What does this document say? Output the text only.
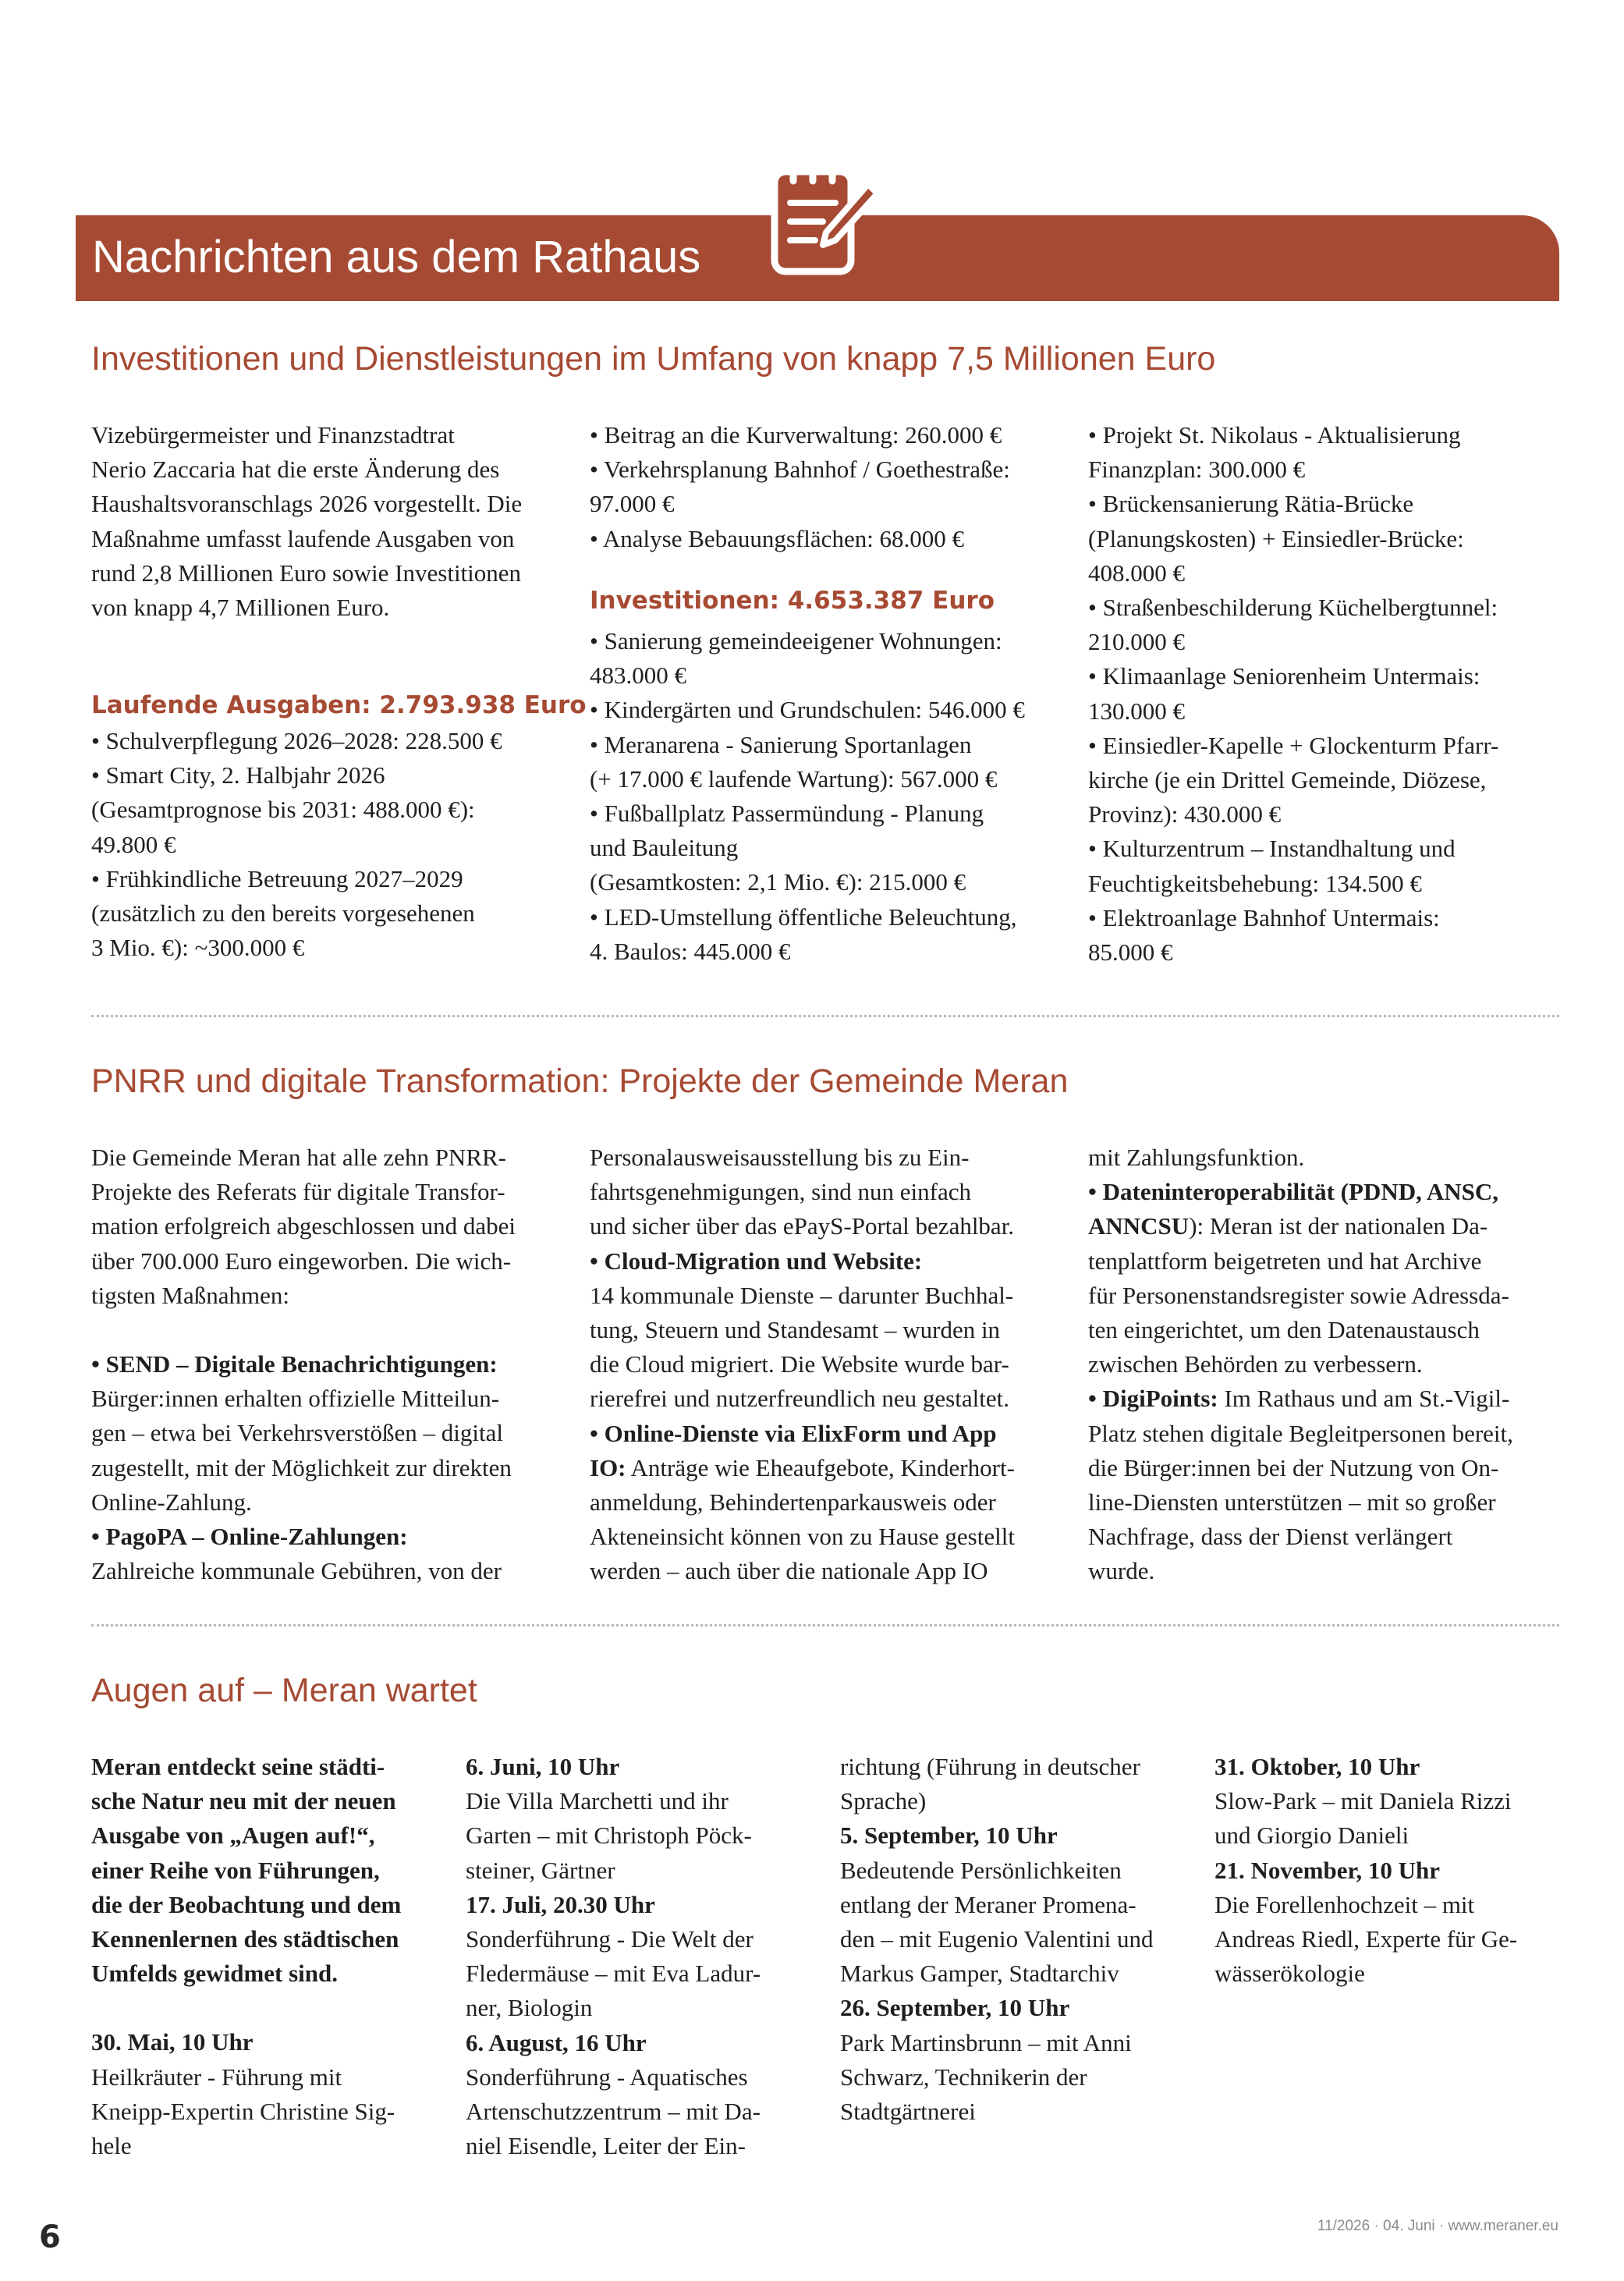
Nachrichten aus dem Rathaus
Investitionen und Dienstleistungen im Umfang von knapp 7,5 Millionen Euro

Vizebürgermeister und Finanzstadtrat

Nerio Zaccaria hat die erste Änderung des

Haushaltsvoranschlags 2026 vorgestellt. Die

Maßnahme umfasst laufende Ausgaben von

rund 2,8 Millionen Euro sowie Investitionen

von knapp 4,7 Millionen Euro.

Laufende Ausgaben: 2.793.938 Euro

• Schulverpflegung 2026–2028: 228.500 €

• Smart City, 2. Halbjahr 2026

(Gesamtprognose bis 2031: 488.000 €):

49.800 €

• Frühkindliche Betreuung 2027–2029

(zusätzlich zu den bereits vorgesehenen

3 Mio. €): ~300.000 €

• Beitrag an die Kurverwaltung: 260.000 €

• Verkehrsplanung Bahnhof / Goethestraße:

97.000 €

• Analyse Bebauungsflächen: 68.000 €

Investitionen: 4.653.387 Euro

• Sanierung gemeindeeigener Wohnungen:

483.000 €

• Kindergärten und Grundschulen: 546.000 €

• Meranarena - Sanierung Sportanlagen

(+ 17.000 € laufende Wartung): 567.000 €

• Fußballplatz Passermündung - Planung

und Bauleitung

(Gesamtkosten: 2,1 Mio. €): 215.000 €

• LED-Umstellung öffentliche Beleuchtung,

4. Baulos: 445.000 €

• Projekt St. Nikolaus - Aktualisierung

Finanzplan: 300.000 €

• Brückensanierung Rätia-Brücke

(Planungskosten) + Einsiedler-Brücke:

408.000 €

• Straßenbeschilderung Küchelbergtunnel:

210.000 €

• Klimaanlage Seniorenheim Untermais:

130.000 €

• Einsiedler-Kapelle + Glockenturm Pfarr-

kirche (je ein Drittel Gemeinde, Diözese,

Provinz): 430.000 €

• Kulturzentrum – Instandhaltung und

Feuchtigkeitsbehebung: 134.500 €

• Elektroanlage Bahnhof Untermais:

85.000 €

PNRR und digitale Transformation: Projekte der Gemeinde Meran

Die Gemeinde Meran hat alle zehn PNRR-

Projekte des Referats für digitale Transfor-

mation erfolgreich abgeschlossen und dabei

über 700.000 Euro eingeworben. Die wich-

tigsten Maßnahmen:

• SEND – Digitale Benachrichtigungen:

Bürger:innen erhalten offizielle Mitteilun-

gen – etwa bei Verkehrsverstößen – digital

zugestellt, mit der Möglichkeit zur direkten

Online-Zahlung.

• PagoPA – Online-Zahlungen:

Zahlreiche kommunale Gebühren, von der

Personalausweisausstellung bis zu Ein-

fahrtsgenehmigungen, sind nun einfach

und sicher über das ePayS-Portal bezahlbar.

• Cloud-Migration und Website:

14 kommunale Dienste – darunter Buchhal-

tung, Steuern und Standesamt – wurden in

die Cloud migriert. Die Website wurde bar-

rierefrei und nutzerfreundlich neu gestaltet.

• Online-Dienste via ElixForm und App

IO: Anträge wie Eheaufgebote, Kinderhort-

anmeldung, Behindertenparkausweis oder

Akteneinsicht können von zu Hause gestellt

werden – auch über die nationale App IO

mit Zahlungsfunktion.

• Dateninteroperabilität (PDND, ANSC,

ANNCSU): Meran ist der nationalen Da-

tenplattform beigetreten und hat Archive

für Personenstandsregister sowie Adressda-

ten eingerichtet, um den Datenaustausch

zwischen Behörden zu verbessern.

• DigiPoints: Im Rathaus und am St.-Vigil-

Platz stehen digitale Begleitpersonen bereit,

die Bürger:innen bei der Nutzung von On-

line-Diensten unterstützen – mit so großer

Nachfrage, dass der Dienst verlängert

wurde.

Augen auf – Meran wartet

Meran entdeckt seine städti-

sche Natur neu mit der neuen

Ausgabe von „Augen auf!“,

einer Reihe von Führungen,

die der Beobachtung und dem

Kennenlernen des städtischen

Umfelds gewidmet sind.

30. Mai, 10 Uhr

Heilkräuter - Führung mit

Kneipp-Expertin Christine Sig-

hele

6. Juni, 10 Uhr

Die Villa Marchetti und ihr

Garten – mit Christoph Pöck-

steiner, Gärtner

17. Juli, 20.30 Uhr

Sonderführung - Die Welt der

Fledermäuse – mit Eva Ladur-

ner, Biologin

6. August, 16 Uhr

Sonderführung - Aquatisches

Artenschutzzentrum – mit Da-

niel Eisendle, Leiter der Ein-

richtung (Führung in deutscher

Sprache)

5. September, 10 Uhr

Bedeutende Persönlichkeiten

entlang der Meraner Promena-

den – mit Eugenio Valentini und

Markus Gamper, Stadtarchiv

26. September, 10 Uhr

Park Martinsbrunn – mit Anni

Schwarz, Technikerin der

Stadtgärtnerei

31. Oktober, 10 Uhr

Slow-Park – mit Daniela Rizzi

und Giorgio Danieli

21. November, 10 Uhr

Die Forellenhochzeit – mit

Andreas Riedl, Experte für Ge-

wässerökologie

6	11/2026 · 04. Juni · www.meraner.eu
